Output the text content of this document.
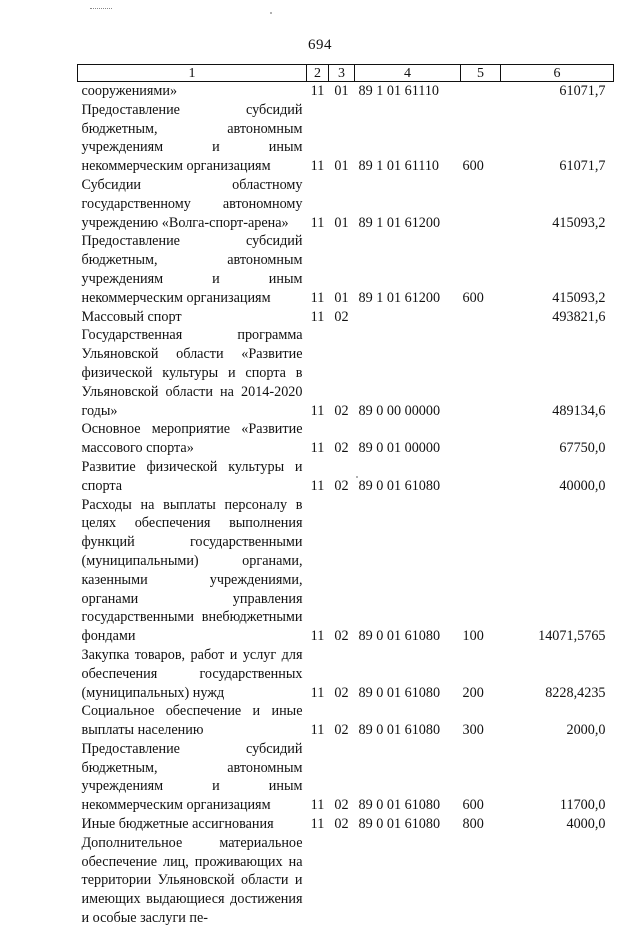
694
1	2	3	4	5	6
сооружениями»	11	01	89 1 01 61110		61071,7
Предоставление субсидий бюджетным, автономным учреждениям и иным некоммерческим организациям	11	01	89 1 01 61110	600	61071,7
Субсидии областному государственному автономному учреждению «Волга-спорт-арена»	11	01	89 1 01 61200		415093,2
Предоставление субсидий бюджетным, автономным учреждениям и иным некоммерческим организациям	11	01	89 1 01 61200	600	415093,2
Массовый спорт	11	02			493821,6
Государственная программа Ульяновской области «Развитие физической культуры и спорта в Ульяновской области на 2014-2020 годы»	11	02	89 0 00 00000		489134,6
Основное мероприятие «Развитие массового спорта»	11	02	89 0 01 00000		67750,0
Развитие физической культуры и спорта	11	02	89 0 01 61080		40000,0
Расходы на выплаты персоналу в целях обеспечения выполнения функций государственными (муниципальными) органами, казенными учреждениями, органами управления государственными внебюджетными фондами	11	02	89 0 01 61080	100	14071,5765
Закупка товаров, работ и услуг для обеспечения государственных (муниципальных) нужд	11	02	89 0 01 61080	200	8228,4235
Социальное обеспечение и иные выплаты населению	11	02	89 0 01 61080	300	2000,0
Предоставление субсидий бюджетным, автономным учреждениям и иным некоммерческим организациям	11	02	89 0 01 61080	600	11700,0
Иные бюджетные ассигнования	11	02	89 0 01 61080	800	4000,0
Дополнительное материальное обеспечение лиц, проживающих на территории Ульяновской области и имеющих выдающиеся достижения и особые заслуги пе-					
